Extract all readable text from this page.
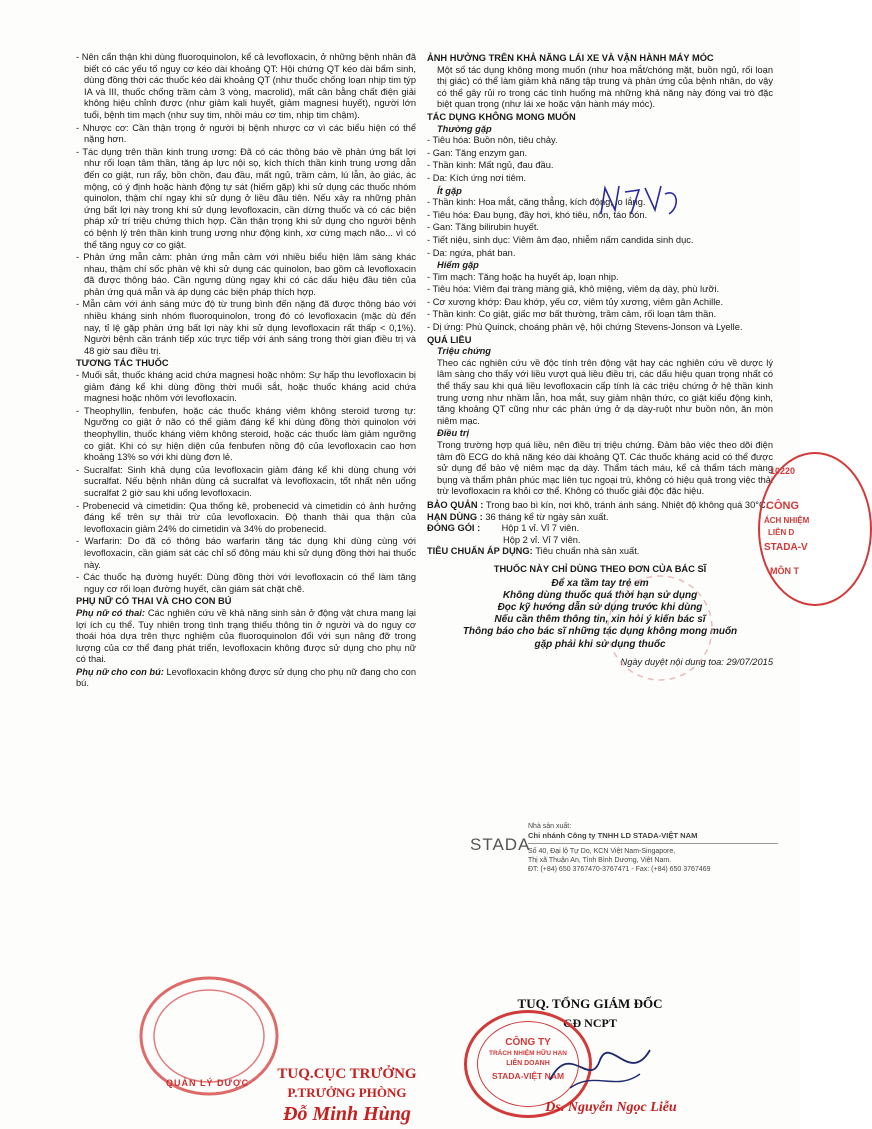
- Nên cẩn thận khi dùng fluoroquinolon, kể cả levofloxacin, ở những bệnh nhân đã biết có các yếu tố nguy cơ kéo dài khoảng QT: Hội chứng QT kéo dài bẩm sinh, dùng đồng thời các thuốc kéo dài khoảng QT (như thuốc chống loạn nhịp tim týp IA và III, thuốc chống trầm cảm 3 vòng, macrolid), mất cân bằng chất điện giải không hiệu chỉnh được (như giảm kali huyết, giảm magnesi huyết), người lớn tuổi, bệnh tim mạch (như suy tim, nhồi máu cơ tim, nhịp tim chậm).

- Nhược cơ: Cần thận trọng ở người bị bệnh nhược cơ vì các biểu hiện có thể nặng hơn.

- Tác dụng trên thần kinh trung ương: Đã có các thông báo về phản ứng bất lợi như rối loạn tâm thần, tăng áp lực nội sọ, kích thích thần kinh trung ương dẫn đến co giật, run rẩy, bồn chồn, đau đầu, mất ngủ, trầm cảm, lú lẫn, ảo giác, ác mộng, có ý định hoặc hành động tự sát (hiếm gặp) khi sử dụng các thuốc nhóm quinolon, thậm chí ngay khi sử dụng ở liều đầu tiên. Nếu xảy ra những phản ứng bất lợi này trong khi sử dụng levofloxacin, cần dừng thuốc và có các biện pháp xử trí triệu chứng thích hợp. Cần thận trọng khi sử dụng cho người bệnh có bệnh lý trên thần kinh trung ương như động kinh, xơ cứng mạch não... vì có thể tăng nguy cơ co giật.

- Phản ứng mẫn cảm: phản ứng mẫn cảm với nhiều biểu hiện lâm sàng khác nhau, thậm chí sốc phản vệ khi sử dụng các quinolon, bao gồm cả levofloxacin đã được thông báo. Cần ngưng dùng ngay khi có các dấu hiệu đầu tiên của phản ứng quá mẫn và áp dụng các biện pháp thích hợp.

- Mẫn cảm với ánh sáng mức độ từ trung bình đến nặng đã được thông báo với nhiều kháng sinh nhóm fluoroquinolon, trong đó có levofloxacin (mặc dù đến nay, tỉ lệ gặp phản ứng bất lợi này khi sử dụng levofloxacin rất thấp < 0,1%). Người bệnh cần tránh tiếp xúc trực tiếp với ánh sáng trong thời gian điều trị và 48 giờ sau điều trị.

TƯƠNG TÁC THUỐC

- Muối sắt, thuốc kháng acid chứa magnesi hoặc nhôm: Sự hấp thu levofloxacin bị giảm đáng kể khi dùng đồng thời muối sắt, hoặc thuốc kháng acid chứa magnesi hoặc nhôm với levofloxacin.

- Theophyllin, fenbufen, hoặc các thuốc kháng viêm không steroid tương tự: Ngưỡng co giật ở não có thể giảm đáng kể khi dùng đồng thời quinolon với theophyllin, thuốc kháng viêm không steroid, hoặc các thuốc làm giảm ngưỡng co giật. Khi có sự hiện diện của fenbufen nồng độ của levofloxacin cao hơn khoảng 13% so với khi dùng đơn lẻ.

- Sucralfat: Sinh khả dụng của levofloxacin giảm đáng kể khi dùng chung với sucralfat. Nếu bệnh nhân dùng cả sucralfat và levofloxacin, tốt nhất nên uống sucralfat 2 giờ sau khi uống levofloxacin.

- Probenecid và cimetidin: Qua thống kê, probenecid và cimetidin có ảnh hưởng đáng kể trên sự thải trừ của levofloxacin. Độ thanh thải qua thận của levofloxacin giảm 24% do cimetidin và 34% do probenecid.

- Warfarin: Do đã có thông báo warfarin tăng tác dụng khi dùng cùng với levofloxacin, cần giám sát các chỉ số đông máu khi sử dụng đồng thời hai thuốc này.

- Các thuốc hạ đường huyết: Dùng đồng thời với levofloxacin có thể làm tăng nguy cơ rối loạn đường huyết, cần giám sát chặt chẽ.

PHỤ NỮ CÓ THAI VÀ CHO CON BÚ

Phụ nữ có thai: Các nghiên cứu về khả năng sinh sản ở động vật chưa mang lại lợi ích cụ thể. Tuy nhiên trong tình trạng thiếu thông tin ở người và do nguy cơ thoái hóa dựa trên thực nghiệm của fluoroquinolon đối với sụn nâng đỡ trong lượng của cơ thể đang phát triển, levofloxacin không được sử dụng cho phụ nữ có thai.

Phụ nữ cho con bú: Levofloxacin không được sử dụng cho phụ nữ đang cho con bú.

ẢNH HƯỞNG TRÊN KHẢ NĂNG LÁI XE VÀ VẬN HÀNH MÁY MÓC

Một số tác dụng không mong muốn (như hoa mắt/chóng mặt, buồn ngủ, rối loạn thị giác) có thể làm giảm khả năng tập trung và phản ứng của bệnh nhân, do vậy có thể gây rủi ro trong các tình huống mà những khả năng này đóng vai trò đặc biệt quan trọng (như lái xe hoặc vận hành máy móc).

TÁC DỤNG KHÔNG MONG MUỐN

Thường gặp

- Tiêu hóa: Buồn nôn, tiêu chảy.

- Gan: Tăng enzym gan.

- Thần kinh: Mất ngủ, đau đầu.

- Da: Kích ứng nơi tiêm.

Ít gặp

- Thần kinh: Hoa mắt, căng thẳng, kích động, lo lắng.

- Tiêu hóa: Đau bụng, đầy hơi, khó tiêu, nôn, táo bón.

- Gan: Tăng bilirubin huyết.

- Tiết niệu, sinh dục: Viêm âm đạo, nhiễm nấm candida sinh dục.

- Da: ngứa, phát ban.

Hiếm gặp

- Tim mạch: Tăng hoặc hạ huyết áp, loạn nhịp.

- Tiêu hóa: Viêm đại tràng màng giả, khô miệng, viêm dạ dày, phù lưỡi.

- Cơ xương khớp: Đau khớp, yếu cơ, viêm tủy xương, viêm gân Achille.

- Thần kinh: Co giật, giấc mơ bất thường, trầm cảm, rối loạn tâm thần.

- Dị ứng: Phù Quinck, choáng phản vệ, hội chứng Stevens-Jonson và Lyelle.

QUÁ LIỀU

Triệu chứng

Theo các nghiên cứu về độc tính trên động vật hay các nghiên cứu về dược lý lâm sàng cho thấy với liều vượt quá liều điều trị, các dấu hiệu quan trọng nhất có thể thấy sau khi quá liều levofloxacin cấp tính là các triệu chứng ở hệ thần kinh trung ương như nhầm lẫn, hoa mắt, suy giảm nhận thức, co giật kiểu động kinh, tăng khoảng QT cũng như các phản ứng ở dạ dày-ruột như buồn nôn, ăn mòn niêm mạc.

Điều trị

Trong trường hợp quá liều, nên điều trị triệu chứng. Đảm bảo việc theo dõi điện tâm đồ ECG do khả năng kéo dài khoảng QT. Các thuốc kháng acid có thể được sử dụng để bảo vệ niêm mạc dạ dày. Thẩm tách máu, kể cả thẩm tách màng bụng và thẩm phân phúc mạc liên tục ngoại trú, không có hiệu quả trong việc thải trừ levofloxacin ra khỏi cơ thể. Không có thuốc giải độc đặc hiệu.

BẢO QUẢN :
Trong bao bì kín, nơi khô, tránh ánh sáng. Nhiệt độ không quá 30°C.
HẠN DÙNG :
36 tháng kể từ ngày sản xuất.
ĐÓNG GÓI :
	Hộp 1 vỉ. Vỉ 7 viên.
Hộp 2 vỉ. Vỉ 7 viên.
TIÊU CHUẨN ÁP DỤNG:
Tiêu chuẩn nhà sản xuất.

THUỐC NÀY CHỈ DÙNG THEO ĐƠN CỦA BÁC SĨ

Để xa tầm tay trẻ em

Không dùng thuốc quá thời hạn sử dụng

Đọc kỹ hướng dẫn sử dụng trước khi dùng

Nếu cần thêm thông tin, xin hỏi ý kiến bác sĩ

Thông báo cho bác sĩ những tác dụng không mong muốn

gặp phải khi sử dụng thuốc

Ngày duyệt nội dung toa: 29/07/2015

STADA
Nhà sản xuất:
Chi nhánh Công ty TNHH LD STADA-VIỆT NAM
Số 40, Đại lộ Tự Do, KCN Việt Nam-Singapore,
Thị xã Thuận An, Tỉnh Bình Dương, Việt Nam.
ĐT: (+84) 650 3767470-3767471 - Fax: (+84) 650 3767469
10220
CÔNG
ÁCH NHIỆM
LIÊN D
STADA-V
MÔN T
QUẢN LÝ DƯỢC
TUQ.CỤC TRƯỞNG
P.TRƯỞNG PHÒNG
Đỗ Minh Hùng
TUQ. TỔNG GIÁM ĐỐC
GĐ NCPT
CÔNG TY
TRÁCH NHIỆM HỮU HẠN
LIÊN DOANH
STADA-VIỆT NAM
Ds. Nguyễn Ngọc Liễu
